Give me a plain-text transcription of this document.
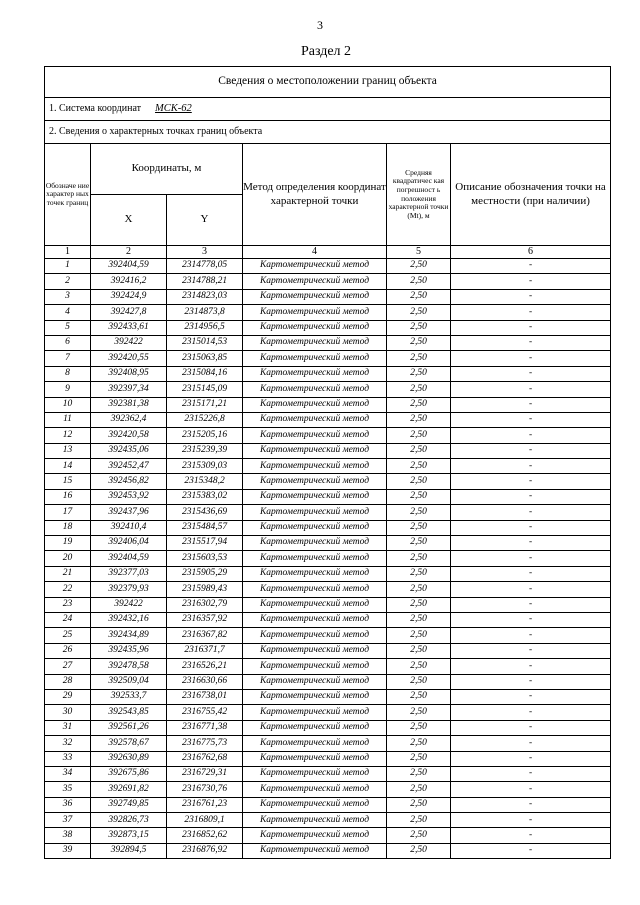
3
Раздел 2
Сведения о местоположении границ объекта					
1. Система координат МСК-62					
2. Сведения о характерных точках границ объекта					
Обозначе ние характер ных точек границ	Координаты, м		Метод определения координат характерной точки	Средняя квадратичес кая погрешност ь положения характерной точки (Mt), м	Описание обозначения точки на местности (при наличии)
	X	Y			
1	2	3	4	5	6
1	392404,59	2314778,05	Картометрический метод	2,50	-
2	392416,2	2314788,21	Картометрический метод	2,50	-
3	392424,9	2314823,03	Картометрический метод	2,50	-
4	392427,8	2314873,8	Картометрический метод	2,50	-
5	392433,61	2314956,5	Картометрический метод	2,50	-
6	392422	2315014,53	Картометрический метод	2,50	-
7	392420,55	2315063,85	Картометрический метод	2,50	-
8	392408,95	2315084,16	Картометрический метод	2,50	-
9	392397,34	2315145,09	Картометрический метод	2,50	-
10	392381,38	2315171,21	Картометрический метод	2,50	-
11	392362,4	2315226,8	Картометрический метод	2,50	-
12	392420,58	2315205,16	Картометрический метод	2,50	-
13	392435,06	2315239,39	Картометрический метод	2,50	-
14	392452,47	2315309,03	Картометрический метод	2,50	-
15	392456,82	2315348,2	Картометрический метод	2,50	-
16	392453,92	2315383,02	Картометрический метод	2,50	-
17	392437,96	2315436,69	Картометрический метод	2,50	-
18	392410,4	2315484,57	Картометрический метод	2,50	-
19	392406,04	2315517,94	Картометрический метод	2,50	-
20	392404,59	2315603,53	Картометрический метод	2,50	-
21	392377,03	2315905,29	Картометрический метод	2,50	-
22	392379,93	2315989,43	Картометрический метод	2,50	-
23	392422	2316302,79	Картометрический метод	2,50	-
24	392432,16	2316357,92	Картометрический метод	2,50	-
25	392434,89	2316367,82	Картометрический метод	2,50	-
26	392435,96	2316371,7	Картометрический метод	2,50	-
27	392478,58	2316526,21	Картометрический метод	2,50	-
28	392509,04	2316630,66	Картометрический метод	2,50	-
29	392533,7	2316738,01	Картометрический метод	2,50	-
30	392543,85	2316755,42	Картометрический метод	2,50	-
31	392561,26	2316771,38	Картометрический метод	2,50	-
32	392578,67	2316775,73	Картометрический метод	2,50	-
33	392630,89	2316762,68	Картометрический метод	2,50	-
34	392675,86	2316729,31	Картометрический метод	2,50	-
35	392691,82	2316730,76	Картометрический метод	2,50	-
36	392749,85	2316761,23	Картометрический метод	2,50	-
37	392826,73	2316809,1	Картометрический метод	2,50	-
38	392873,15	2316852,62	Картометрический метод	2,50	-
39	392894,5	2316876,92	Картометрический метод	2,50	-
